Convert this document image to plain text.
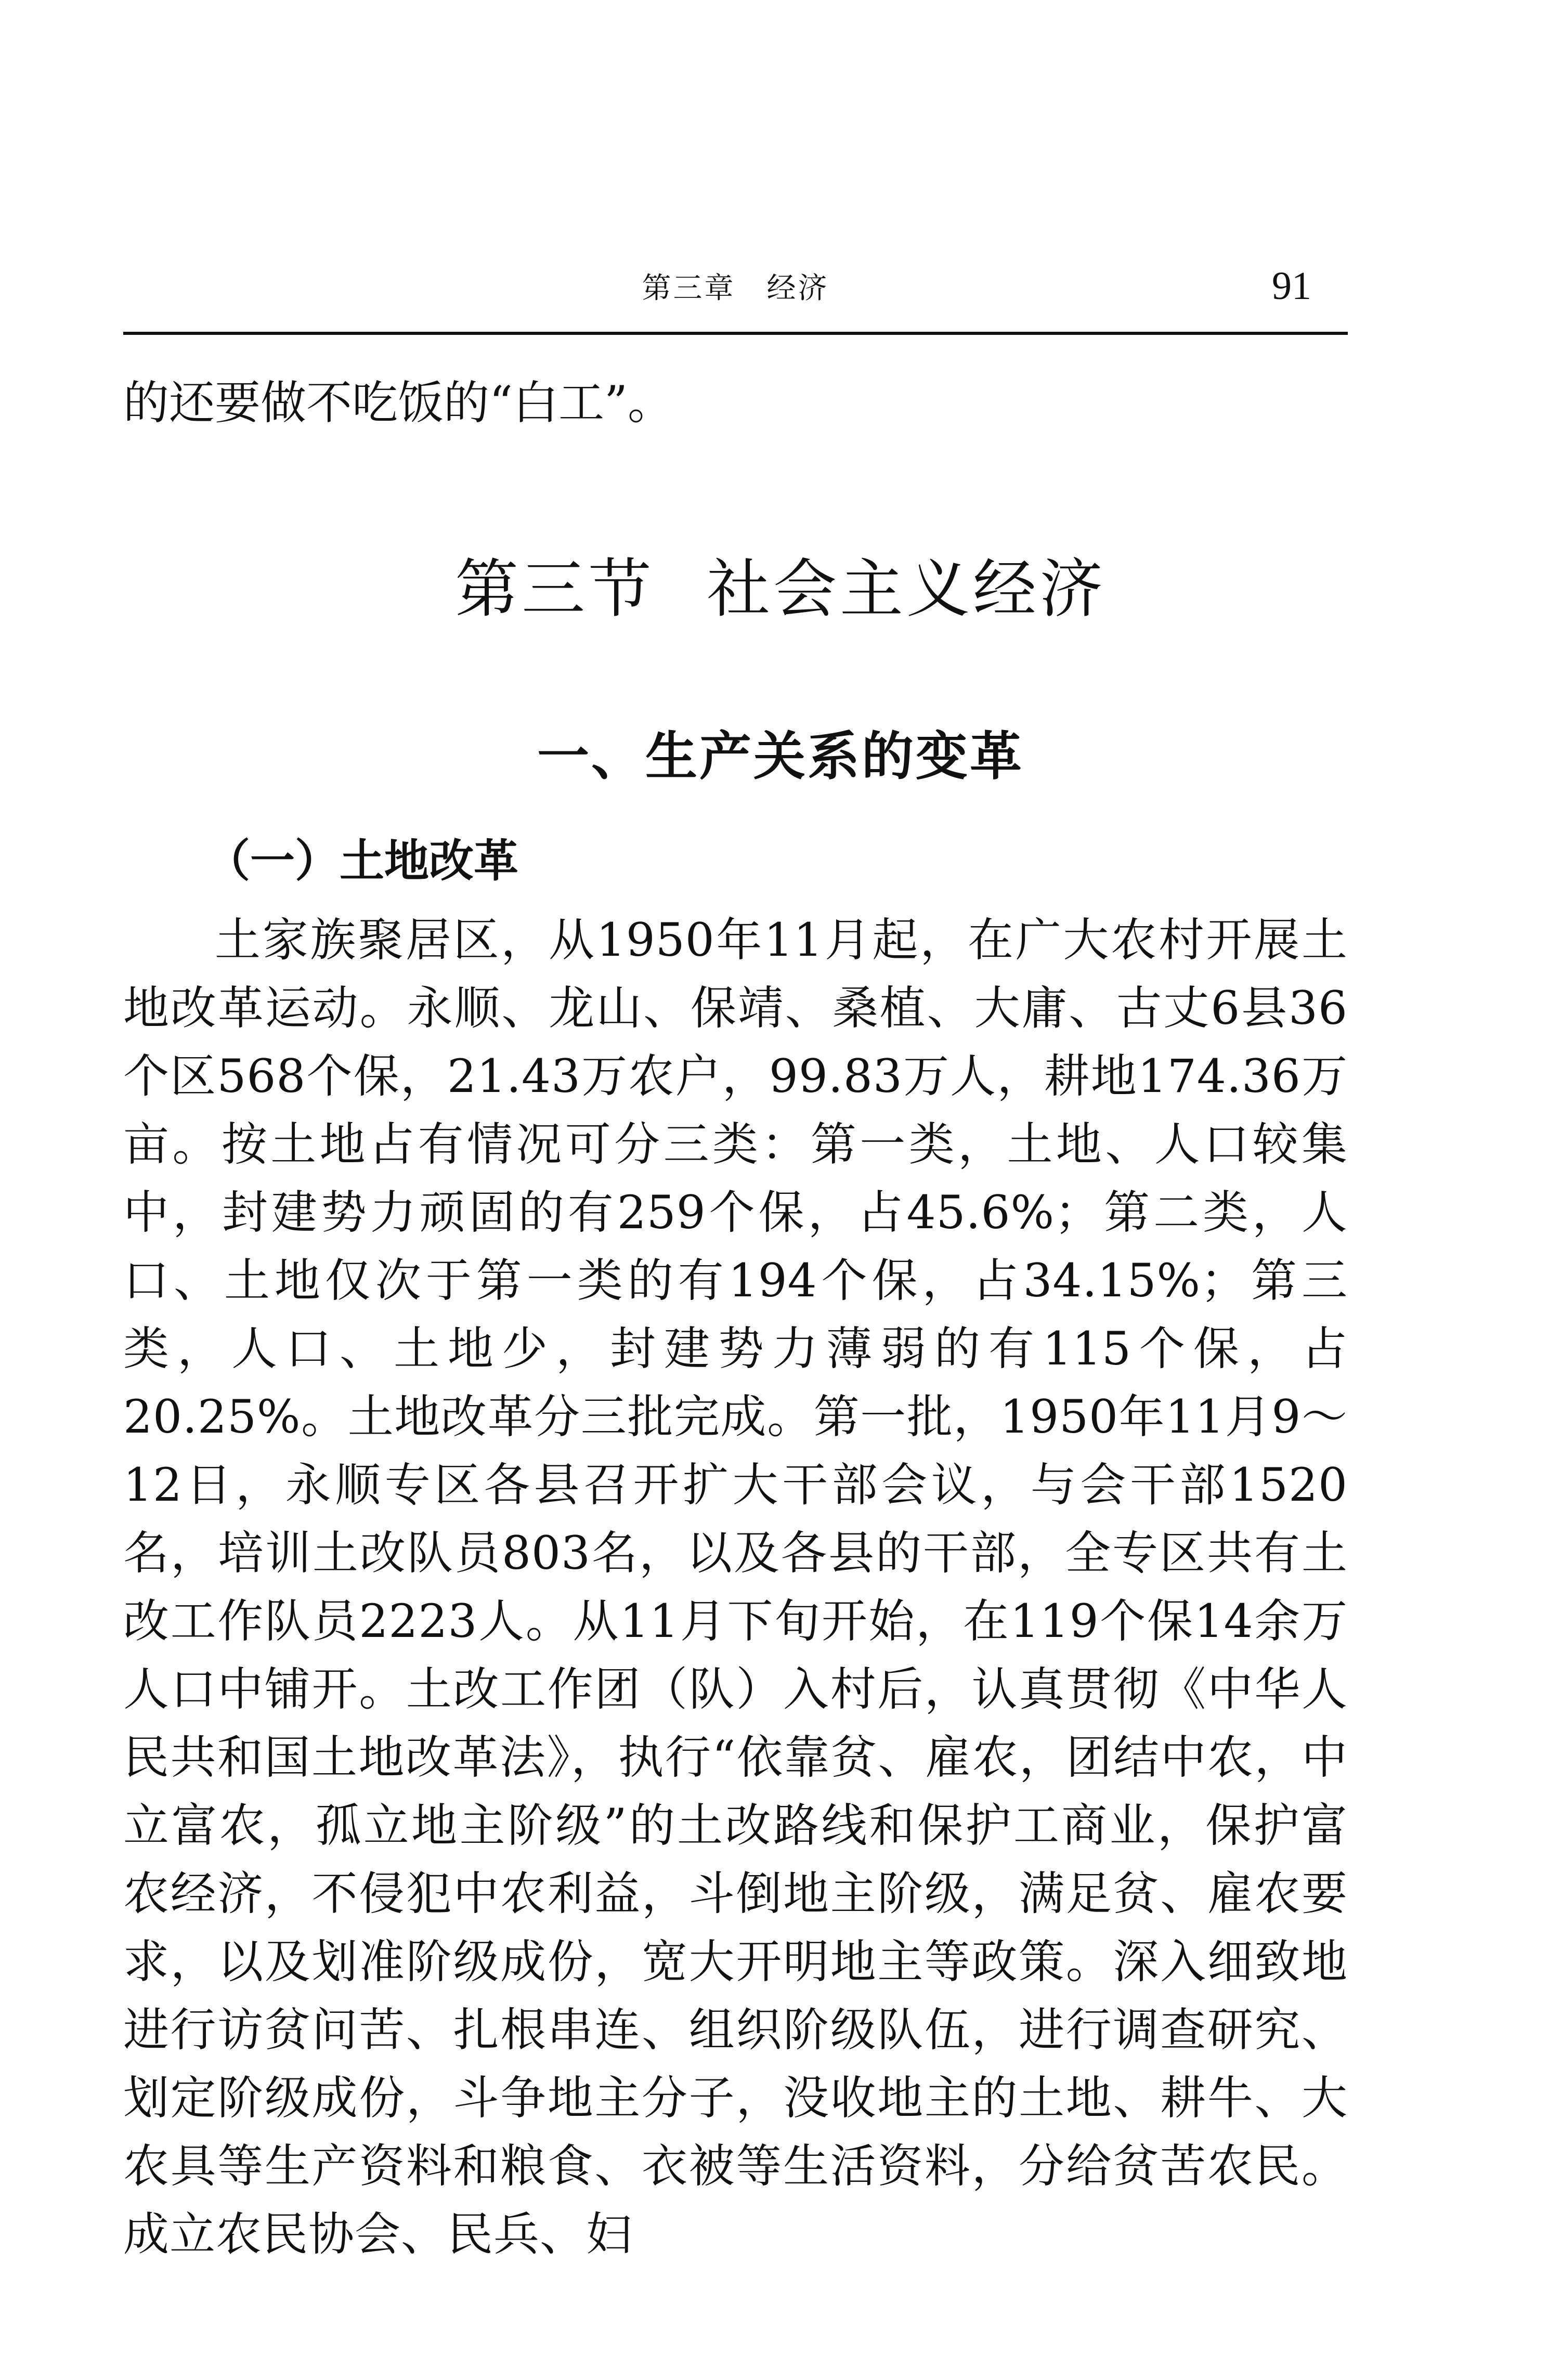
第三章　经济	91

的还要做不吃饭的“白工”。

第三节 社会主义经济
一、生产关系的变革
（一）土地改革

土家族聚居区，从1950年11月起，在广大农村开展土地改革运动。永顺、龙山、保靖、桑植、大庸、古丈6县36个区568个保，21.43万农户，99.83万人，耕地174.36万亩。按土地占有情况可分三类：第一类，土地、人口较集中，封建势力顽固的有259个保，占45.6%；第二类，人口、土地仅次于第一类的有194个保，占34.15%；第三类，人口、土地少，封建势力薄弱的有115个保，占20.25%。土地改革分三批完成。第一批，1950年11月9～12日，永顺专区各县召开扩大干部会议，与会干部1520名，培训土改队员803名，以及各县的干部，全专区共有土改工作队员2223人。从11月下旬开始，在119个保14余万人口中铺开。土改工作团（队）入村后，认真贯彻《中华人民共和国土地改革法》，执行“依靠贫、雇农，团结中农，中立富农，孤立地主阶级”的土改路线和保护工商业，保护富农经济，不侵犯中农利益，斗倒地主阶级，满足贫、雇农要求，以及划准阶级成份，宽大开明地主等政策。深入细致地进行访贫问苦、扎根串连、组织阶级队伍，进行调查研究、划定阶级成份，斗争地主分子，没收地主的土地、耕牛、大农具等生产资料和粮食、衣被等生活资料，分给贫苦农民。成立农民协会、民兵、妇
